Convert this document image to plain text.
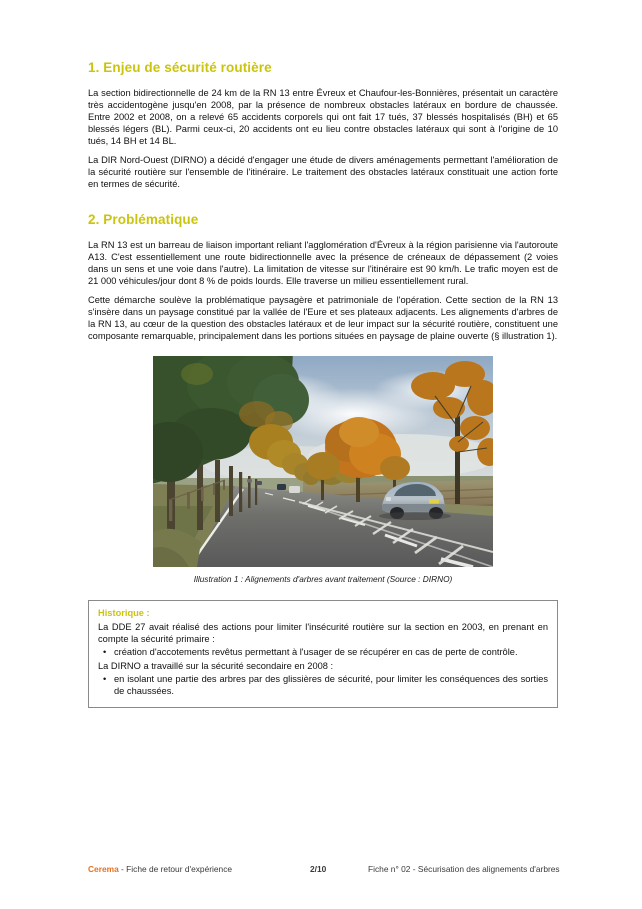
1. Enjeu de sécurité routière

La section bidirectionnelle de 24 km de la RN 13 entre Évreux et Chaufour-les-Bonnières, présentait un caractère très accidentogène jusqu'en 2008, par la présence de nombreux obstacles latéraux en bordure de chaussée. Entre 2002 et 2008, on a relevé 65 accidents corporels qui ont fait 17 tués, 37 blessés hospitalisés (BH) et 65 blessés légers (BL). Parmi ceux-ci, 20 accidents ont eu lieu contre obstacles latéraux qui sont à l'origine de 10 tués, 14 BH et 14 BL.

La DIR Nord-Ouest (DIRNO) a décidé d'engager une étude de divers aménagements permettant l'amélioration de la sécurité routière sur l'ensemble de l'itinéraire. Le traitement des obstacles latéraux constituait une action forte en termes de sécurité.

2. Problématique

La RN 13 est un barreau de liaison important reliant l'agglomération d'Évreux à la région parisienne via l'autoroute A13. C'est essentiellement une route bidirectionnelle avec la présence de créneaux de dépassement (2 voies dans un sens et une voie dans l'autre). La limitation de vitesse sur l'itinéraire est 90 km/h. Le trafic moyen est de 21 000 véhicules/jour dont 8 % de poids lourds. Elle traverse un milieu essentiellement rural.

Cette démarche soulève la problématique paysagère et patrimoniale de l'opération. Cette section de la RN 13 s'insère dans un paysage constitué par la vallée de l'Eure et ses plateaux adjacents. Les alignements d'arbres de la RN 13, au cœur de la question des obstacles latéraux et de leur impact sur la sécurité routière, constituent une composante remarquable, principalement dans les portions situées en paysage de plaine ouverte (§ illustration 1).

Illustration 1 : Alignements d'arbres avant traitement (Source : DIRNO)
Historique :

La DDE 27 avait réalisé des actions pour limiter l'insécurité routière sur la section en 2003, en prenant en compte la sécurité primaire :

• création d'accotements revêtus permettant à l'usager de se récupérer en cas de perte de contrôle.

La DIRNO a travaillé sur la sécurité secondaire en 2008 :

• en isolant une partie des arbres par des glissières de sécurité, pour limiter les conséquences des sorties de chaussées.
Cerema - Fiche de retour d'expérience	2/10	Fiche n° 02 - Sécurisation des alignements d'arbres
